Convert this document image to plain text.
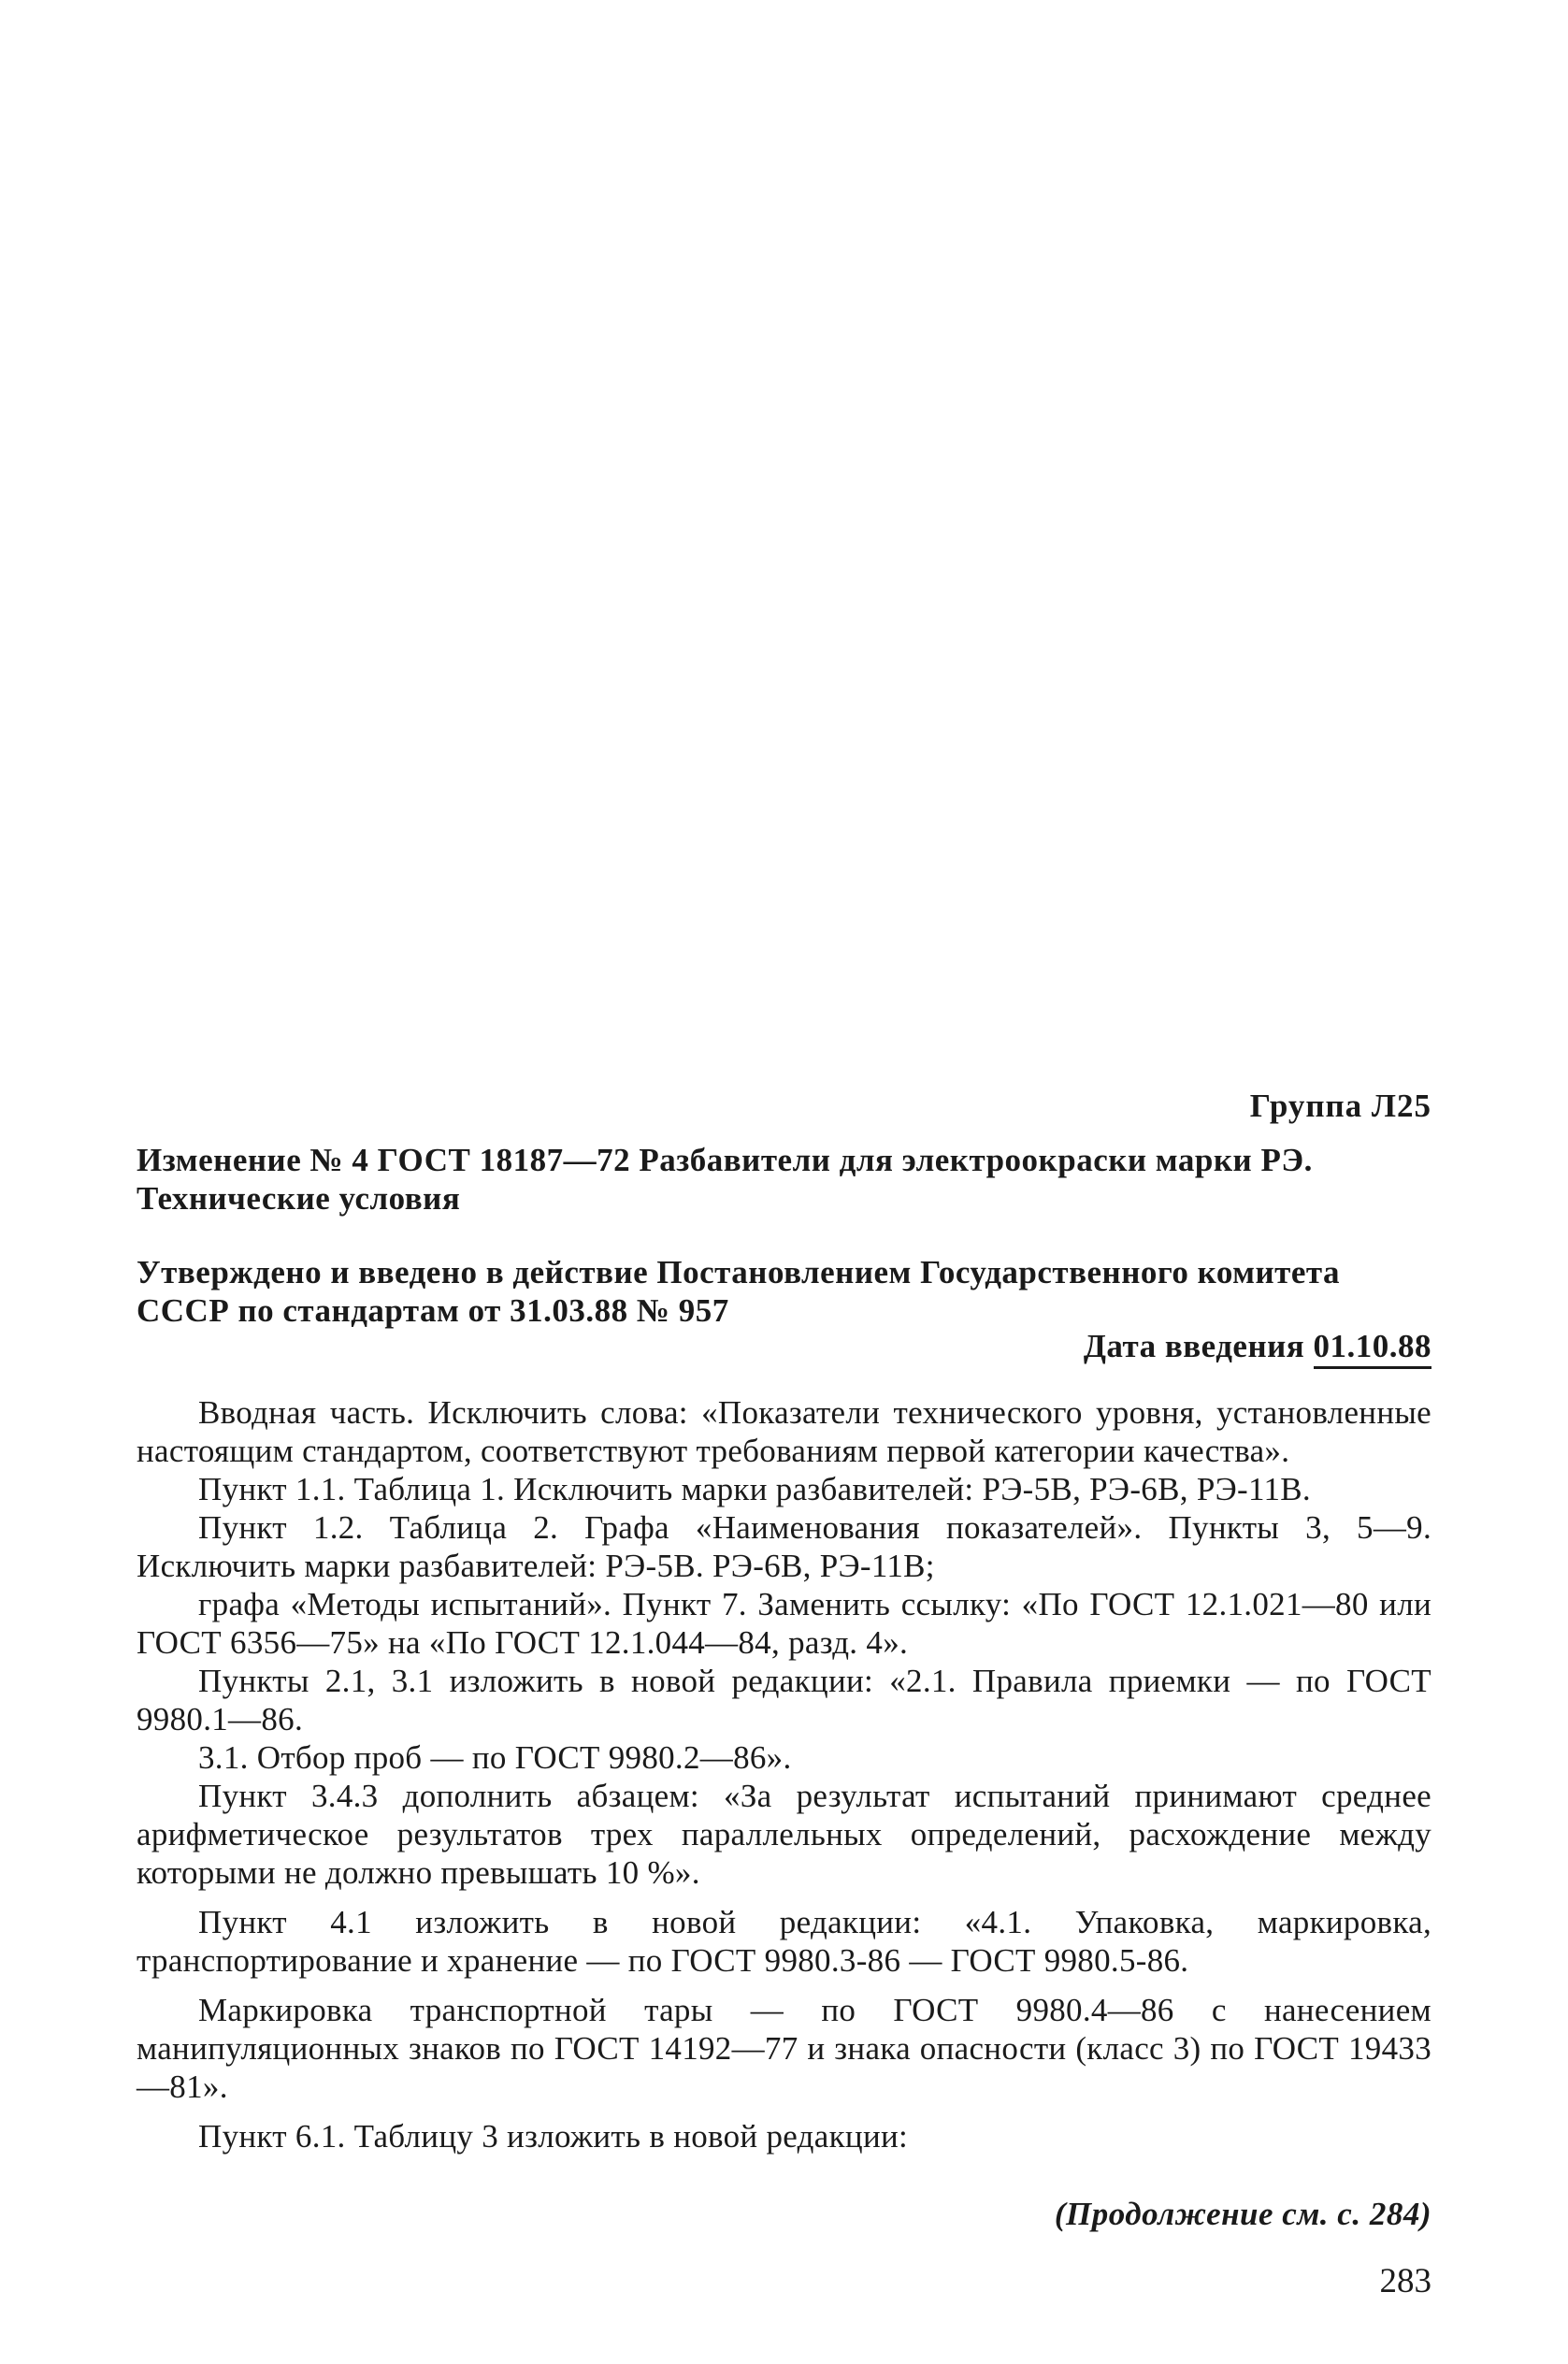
Группа Л25
Изменение № 4 ГОСТ 18187—72 Разбавители для электроокраски марки РЭ.
Технические условия
Утверждено и введено в действие Постановлением Государственного комитета
СССР по стандартам от 31.03.88 № 957
Дата введения 01.10.88

Вводная часть. Исключить слова: «Показатели технического уровня, установленные настоящим стандартом, соответствуют требованиям первой категории качества».

Пункт 1.1. Таблица 1. Исключить марки разбавителей: РЭ-5В, РЭ-6В, РЭ-11В.

Пункт 1.2. Таблица 2. Графа «Наименования показателей». Пункты 3, 5—9. Исключить марки разбавителей: РЭ-5В. РЭ-6В, РЭ-11В;

графа «Методы испытаний». Пункт 7. Заменить ссылку: «По ГОСТ 12.1.021—80 или ГОСТ 6356—75» на «По ГОСТ 12.1.044—84, разд. 4».

Пункты 2.1, 3.1 изложить в новой редакции: «2.1. Правила приемки — по ГОСТ 9980.1—86.

3.1. Отбор проб — по ГОСТ 9980.2—86».

Пункт 3.4.3 дополнить абзацем: «За результат испытаний принимают среднее арифметическое результатов трех параллельных определений, расхождение между которыми не должно превышать 10 %».

Пункт 4.1 изложить в новой редакции: «4.1. Упаковка, маркировка, транспортирование и хранение — по ГОСТ 9980.3-86 — ГОСТ 9980.5-86.

Маркировка транспортной тары — по ГОСТ 9980.4—86 с нанесением манипуляционных знаков по ГОСТ 14192—77 и знака опасности (класс 3) по ГОСТ 19433—81».

Пункт 6.1. Таблицу 3 изложить в новой редакции:

(Продолжение см. с. 284)
283
